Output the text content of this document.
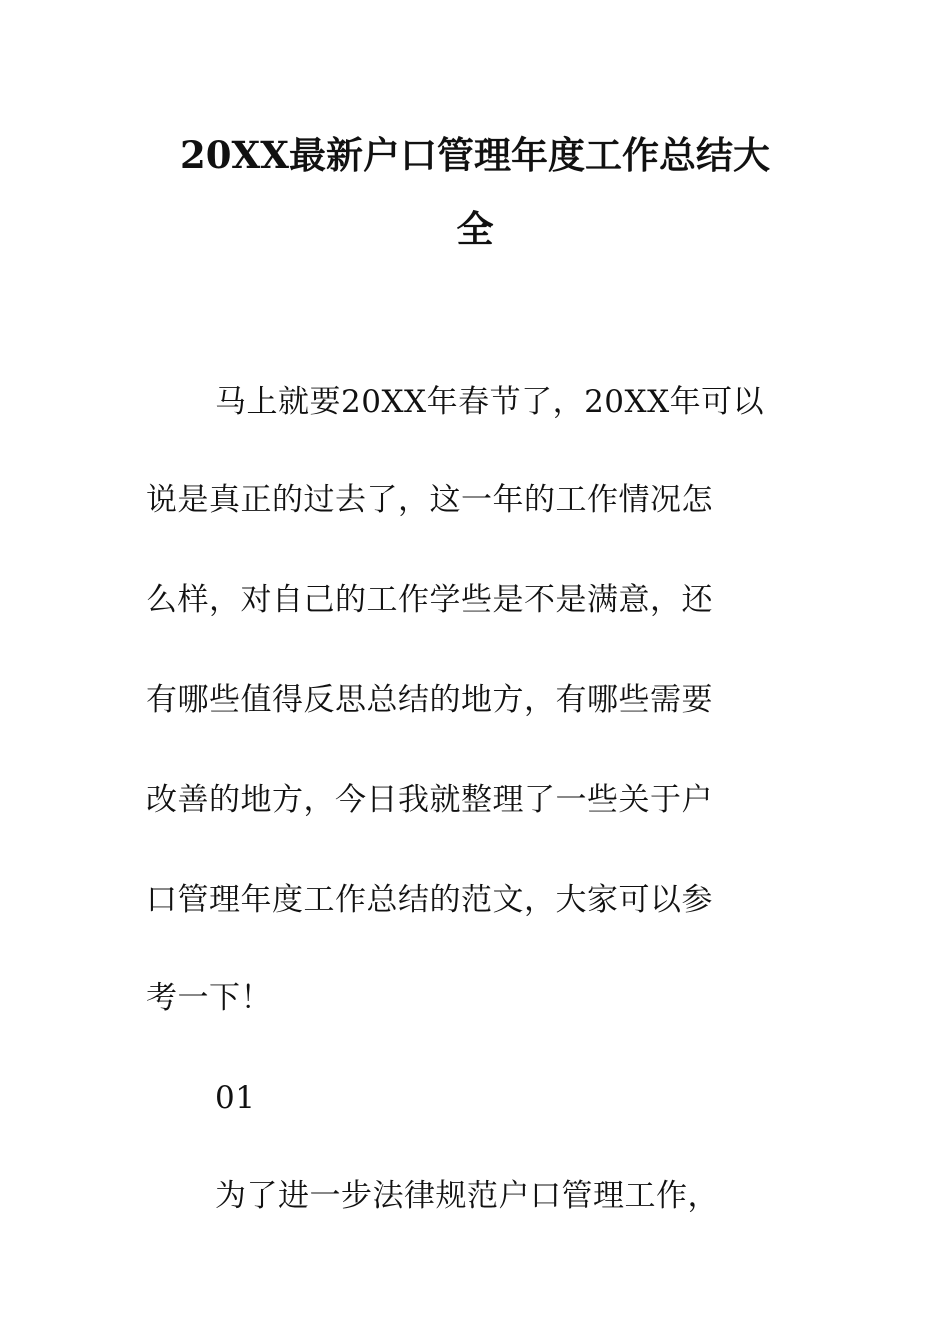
20XX最新户口管理年度工作总结大
全

马上就要20XX年春节了，20XX年可以

说是真正的过去了，这一年的工作情况怎

么样，对自己的工作学些是不是满意，还

有哪些值得反思总结的地方，有哪些需要

改善的地方，今日我就整理了一些关于户

口管理年度工作总结的范文，大家可以参

考一下！

01

为了进一步法律规范户口管理工作，
